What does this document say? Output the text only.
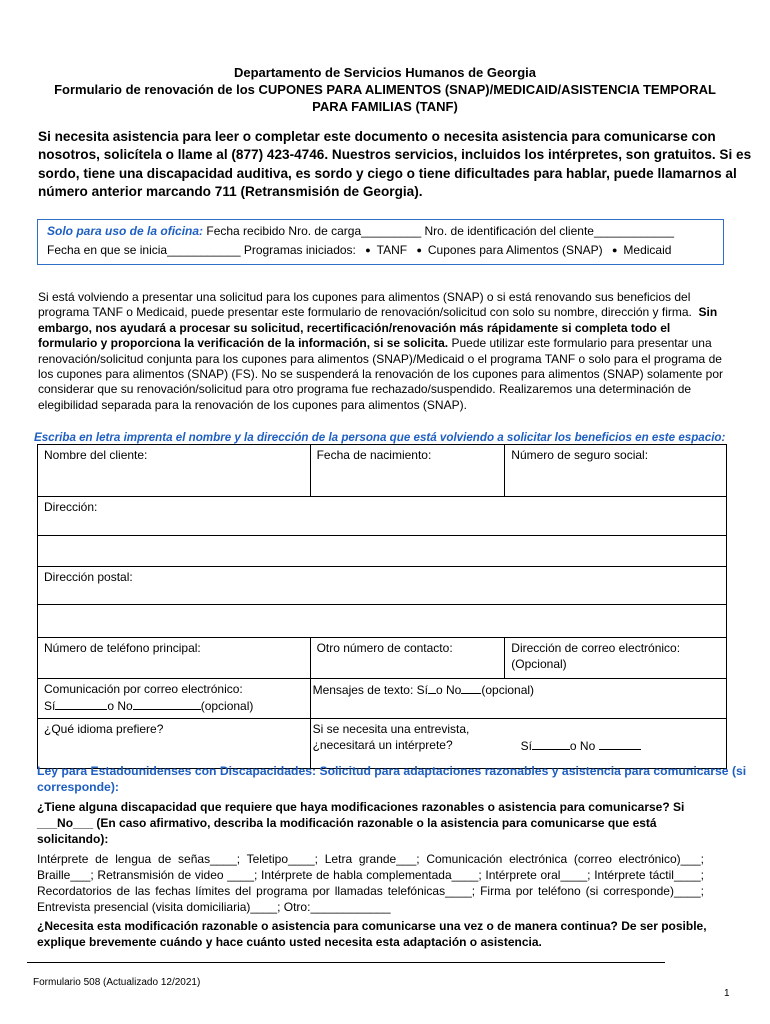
Departamento de Servicios Humanos de Georgia
Formulario de renovación de los CUPONES PARA ALIMENTOS (SNAP)/MEDICAID/ASISTENCIA TEMPORAL
PARA FAMILIAS (TANF)
Si necesita asistencia para leer o completar este documento o necesita asistencia para comunicarse con nosotros, solicítela o llame al (877) 423-4746. Nuestros servicios, incluidos los intérpretes, son gratuitos. Si es sordo, tiene una discapacidad auditiva, es sordo y ciego o tiene dificultades para hablar, puede llamarnos al número anterior marcando 711 (Retransmisión de Georgia).
Solo para uso de la oficina: Fecha recibido Nro. de carga_________ Nro. de identificación del cliente____________
Fecha en que se inicia___________ Programas iniciados: ● TANF ● Cupones para Alimentos (SNAP) ● Medicaid
Si está volviendo a presentar una solicitud para los cupones para alimentos (SNAP) o si está renovando sus beneficios del programa TANF o Medicaid, puede presentar este formulario de renovación/solicitud con solo su nombre, dirección y firma. Sin embargo, nos ayudará a procesar su solicitud, recertificación/renovación más rápidamente si completa todo el formulario y proporciona la verificación de la información, si se solicita. Puede utilizar este formulario para presentar una renovación/solicitud conjunta para los cupones para alimentos (SNAP)/Medicaid o el programa TANF o solo para el programa de los cupones para alimentos (SNAP) (FS). No se suspenderá la renovación de los cupones para alimentos (SNAP) solamente por considerar que su renovación/solicitud para otro programa fue rechazado/suspendido. Realizaremos una determinación de elegibilidad separada para la renovación de los cupones para alimentos (SNAP).
Escriba en letra imprenta el nombre y la dirección de la persona que está volviendo a solicitar los beneficios en este espacio:
Nombre del cliente:	Fecha de nacimiento:	Número de seguro social:
Dirección:		

Dirección postal:		

Número de teléfono principal:	Otro número de contacto:	Dirección de correo electrónico:
(Opcional)
Comunicación por correo electrónico:
Sí o No (opcional)	Mensajes de texto: Sí o No (opcional)	
¿Qué idioma prefiere?	Si se necesita una entrevista,
¿necesitará un intérprete? Sí o No	
Ley para Estadounidenses con Discapacidades: Solicitud para adaptaciones razonables y asistencia para comunicarse (si corresponde):
¿Tiene alguna discapacidad que requiere que haya modificaciones razonables o asistencia para comunicarse? Si ___No___ (En caso afirmativo, describa la modificación razonable o la asistencia para comunicarse que está solicitando):
Intérprete de lengua de señas____; Teletipo____; Letra grande___; Comunicación electrónica (correo electrónico)___; Braille___; Retransmisión de video ____; Intérprete de habla complementada____; Intérprete oral____; Intérprete táctil____; Recordatorios de las fechas límites del programa por llamadas telefónicas____; Firma por teléfono (si corresponde)____; Entrevista presencial (visita domiciliaria)____; Otro:____________
¿Necesita esta modificación razonable o asistencia para comunicarse una vez o de manera continua? De ser posible, explique brevemente cuándo y hace cuánto usted necesita esta adaptación o asistencia.
Formulario 508 (Actualizado 12/2021)
1
